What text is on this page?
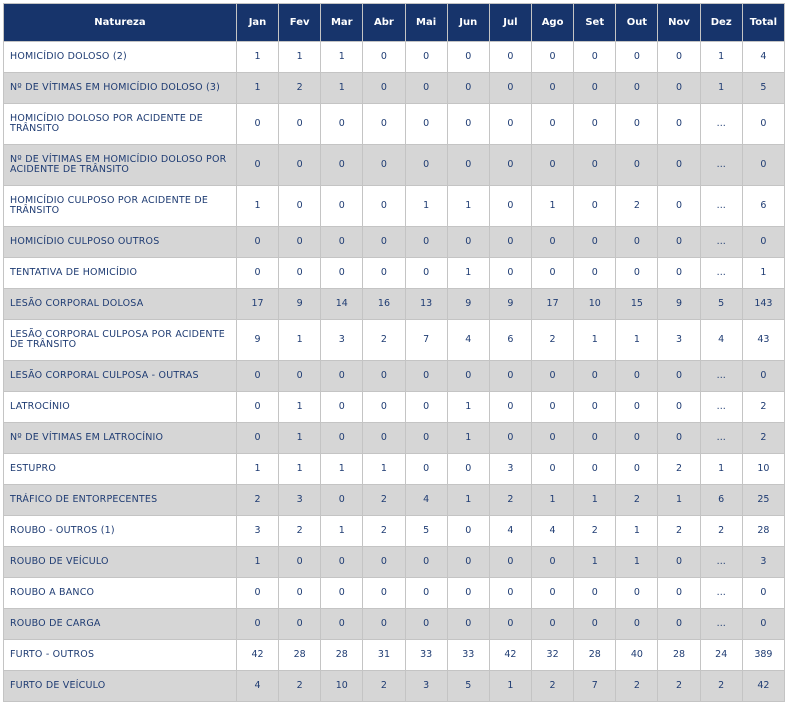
Natureza	Jan	Fev	Mar	Abr	Mai	Jun	Jul	Ago	Set	Out	Nov	Dez	Total
HOMICÍDIO DOLOSO (2)	1	1	1	0	0	0	0	0	0	0	0	1	4
Nº DE VÍTIMAS EM HOMICÍDIO DOLOSO (3)	1	2	1	0	0	0	0	0	0	0	0	1	5
HOMICÍDIO DOLOSO POR ACIDENTE DE TRÂNSITO	0	0	0	0	0	0	0	0	0	0	0	...	0
Nº DE VÍTIMAS EM HOMICÍDIO DOLOSO POR ACIDENTE DE TRÂNSITO	0	0	0	0	0	0	0	0	0	0	0	...	0
HOMICÍDIO CULPOSO POR ACIDENTE DE TRÂNSITO	1	0	0	0	1	1	0	1	0	2	0	...	6
HOMICÍDIO CULPOSO OUTROS	0	0	0	0	0	0	0	0	0	0	0	...	0
TENTATIVA DE HOMICÍDIO	0	0	0	0	0	1	0	0	0	0	0	...	1
LESÃO CORPORAL DOLOSA	17	9	14	16	13	9	9	17	10	15	9	5	143
LESÃO CORPORAL CULPOSA POR ACIDENTE DE TRÂNSITO	9	1	3	2	7	4	6	2	1	1	3	4	43
LESÃO CORPORAL CULPOSA - OUTRAS	0	0	0	0	0	0	0	0	0	0	0	...	0
LATROCÍNIO	0	1	0	0	0	1	0	0	0	0	0	...	2
Nº DE VÍTIMAS EM LATROCÍNIO	0	1	0	0	0	1	0	0	0	0	0	...	2
ESTUPRO	1	1	1	1	0	0	3	0	0	0	2	1	10
TRÁFICO DE ENTORPECENTES	2	3	0	2	4	1	2	1	1	2	1	6	25
ROUBO - OUTROS (1)	3	2	1	2	5	0	4	4	2	1	2	2	28
ROUBO DE VEÍCULO	1	0	0	0	0	0	0	0	1	1	0	...	3
ROUBO A BANCO	0	0	0	0	0	0	0	0	0	0	0	...	0
ROUBO DE CARGA	0	0	0	0	0	0	0	0	0	0	0	...	0
FURTO - OUTROS	42	28	28	31	33	33	42	32	28	40	28	24	389
FURTO DE VEÍCULO	4	2	10	2	3	5	1	2	7	2	2	2	42
